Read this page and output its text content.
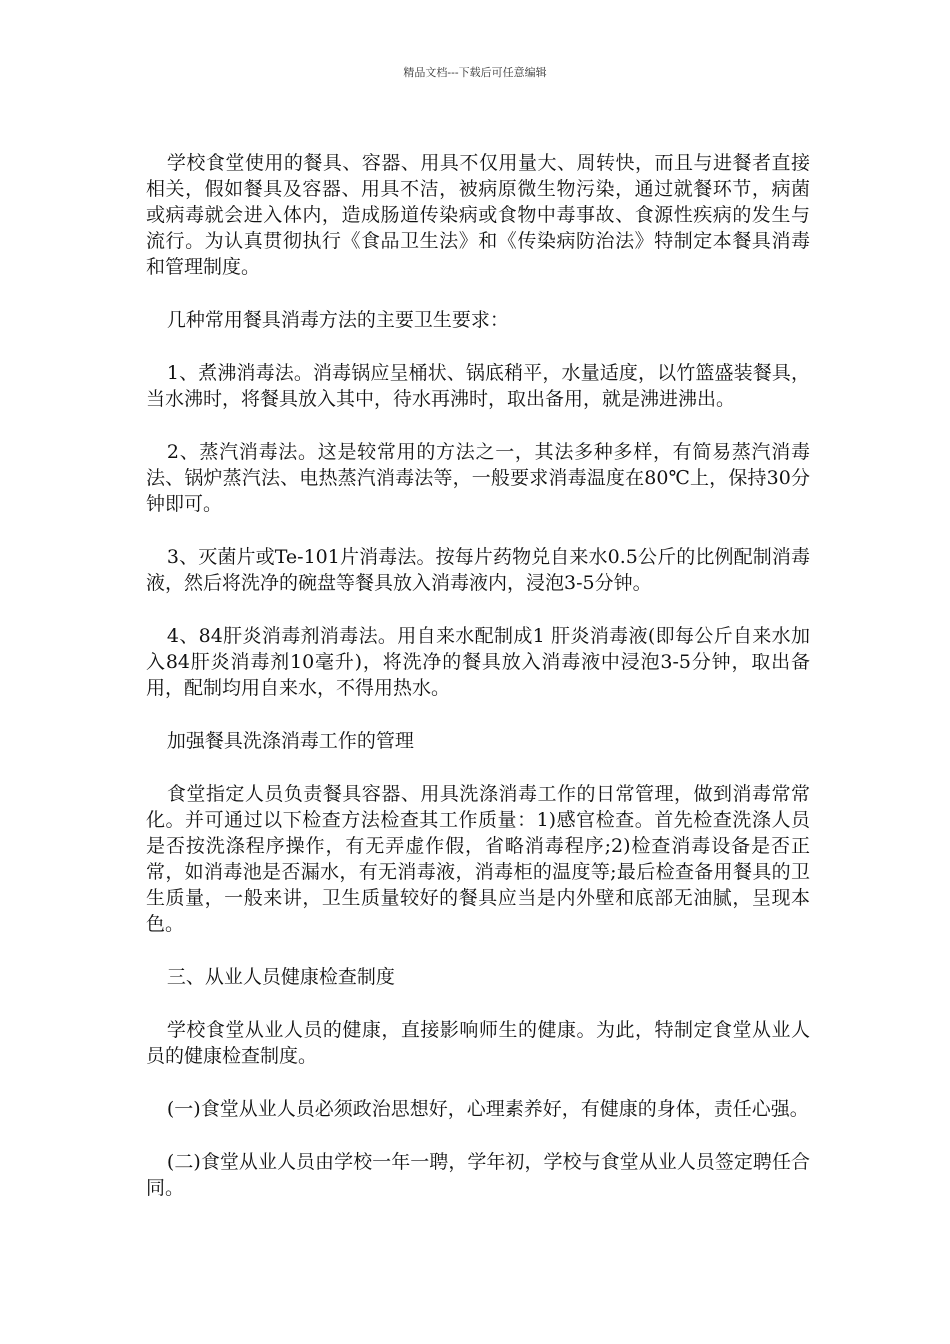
精品文档---下载后可任意编辑

学校食堂使用的餐具、容器、用具不仅用量大、周转快，而且与进餐者直接相关，假如餐具及容器、用具不洁，被病原微生物污染，通过就餐环节，病菌或病毒就会进入体内，造成肠道传染病或食物中毒事故、食源性疾病的发生与流行。为认真贯彻执行《食品卫生法》和《传染病防治法》特制定本餐具消毒和管理制度。

几种常用餐具消毒方法的主要卫生要求：

1、煮沸消毒法。消毒锅应呈桶状、锅底稍平，水量适度，以竹篮盛装餐具，当水沸时，将餐具放入其中，待水再沸时，取出备用，就是沸进沸出。

2、蒸汽消毒法。这是较常用的方法之一，其法多种多样，有简易蒸汽消毒法、锅炉蒸汽法、电热蒸汽消毒法等，一般要求消毒温度在80℃上，保持30分钟即可。

3、灭菌片或Te-101片消毒法。按每片药物兑自来水0.5公斤的比例配制消毒液，然后将洗净的碗盘等餐具放入消毒液内，浸泡3-5分钟。

4、84肝炎消毒剂消毒法。用自来水配制成1 肝炎消毒液(即每公斤自来水加入84肝炎消毒剂10毫升)，将洗净的餐具放入消毒液中浸泡3-5分钟，取出备用，配制均用自来水，不得用热水。

加强餐具洗涤消毒工作的管理

食堂指定人员负责餐具容器、用具洗涤消毒工作的日常管理，做到消毒常常化。并可通过以下检查方法检查其工作质量：1)感官检查。首先检查洗涤人员是否按洗涤程序操作，有无弄虚作假，省略消毒程序;2)检查消毒设备是否正常，如消毒池是否漏水，有无消毒液，消毒柜的温度等;最后检查备用餐具的卫生质量，一般来讲，卫生质量较好的餐具应当是内外壁和底部无油腻，呈现本色。

三、从业人员健康检查制度

学校食堂从业人员的健康，直接影响师生的健康。为此，特制定食堂从业人员的健康检查制度。

(一)食堂从业人员必须政治思想好，心理素养好，有健康的身体，责任心强。

(二)食堂从业人员由学校一年一聘，学年初，学校与食堂从业人员签定聘任合同。
